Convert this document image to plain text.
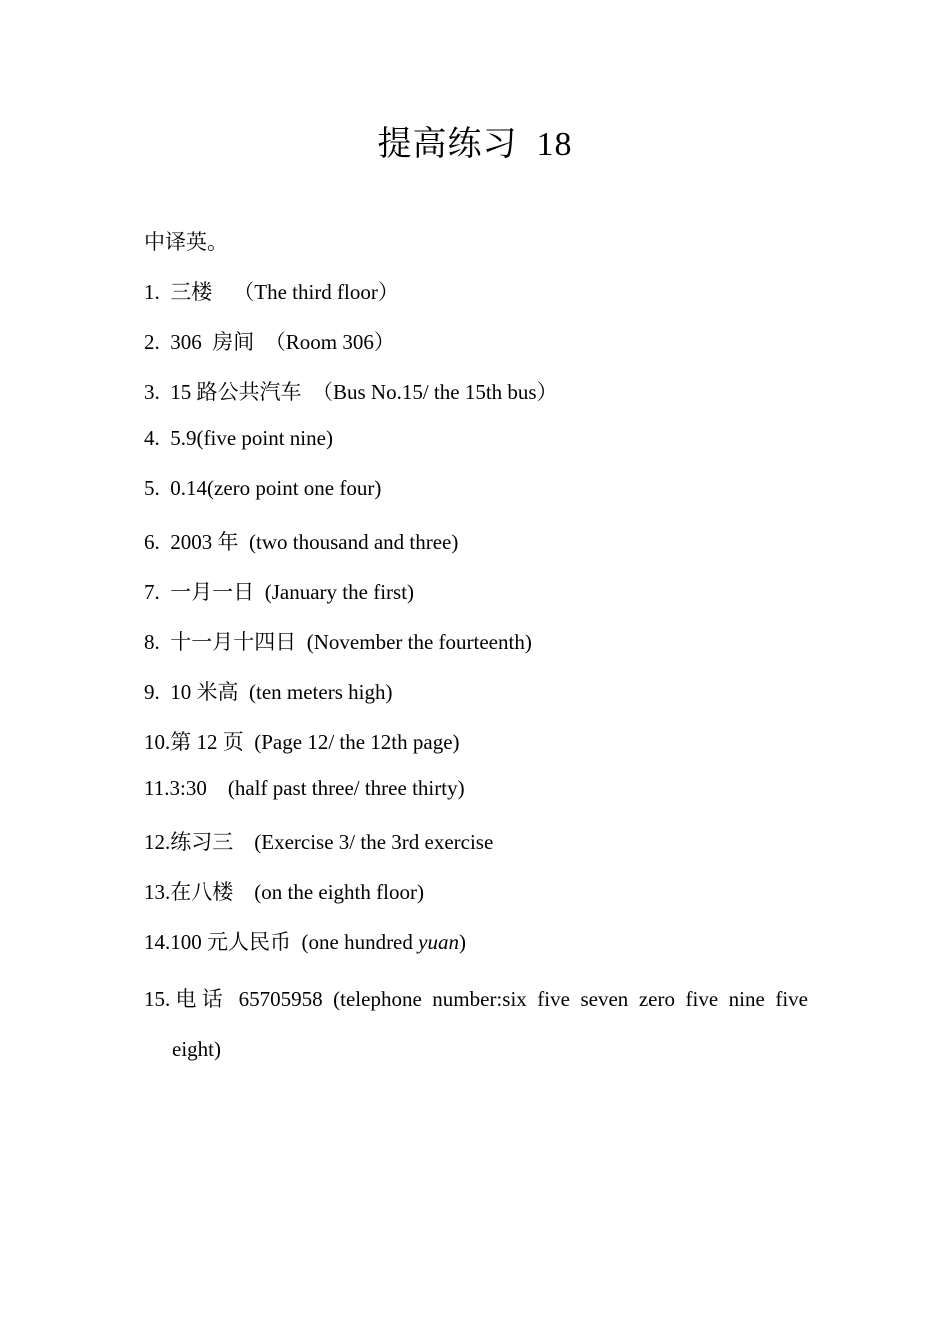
提高练习  18
中译英。
1.  三楼    （The third floor）
2.  306  房间  （Room 306）
3.  15 路公共汽车  （Bus No.15/ the 15th bus）
4.  5.9(five point nine)
5.  0.14(zero point one four)
6.  2003 年  (two thousand and three)
7.  一月一日  (January the first)
8.  十一月十四日  (November the fourteenth)
9.  10 米高  (ten meters high)
10.第 12 页  (Page 12/ the 12th page)
11.3:30    (half past three/ three thirty)
12.练习三    (Exercise 3/ the 3rd exercise
13.在八楼    (on the eighth floor)
14.100 元人民币  (one hundred yuan)
15.电话 65705958 (telephone number:six five seven zero five nine five
eight)
